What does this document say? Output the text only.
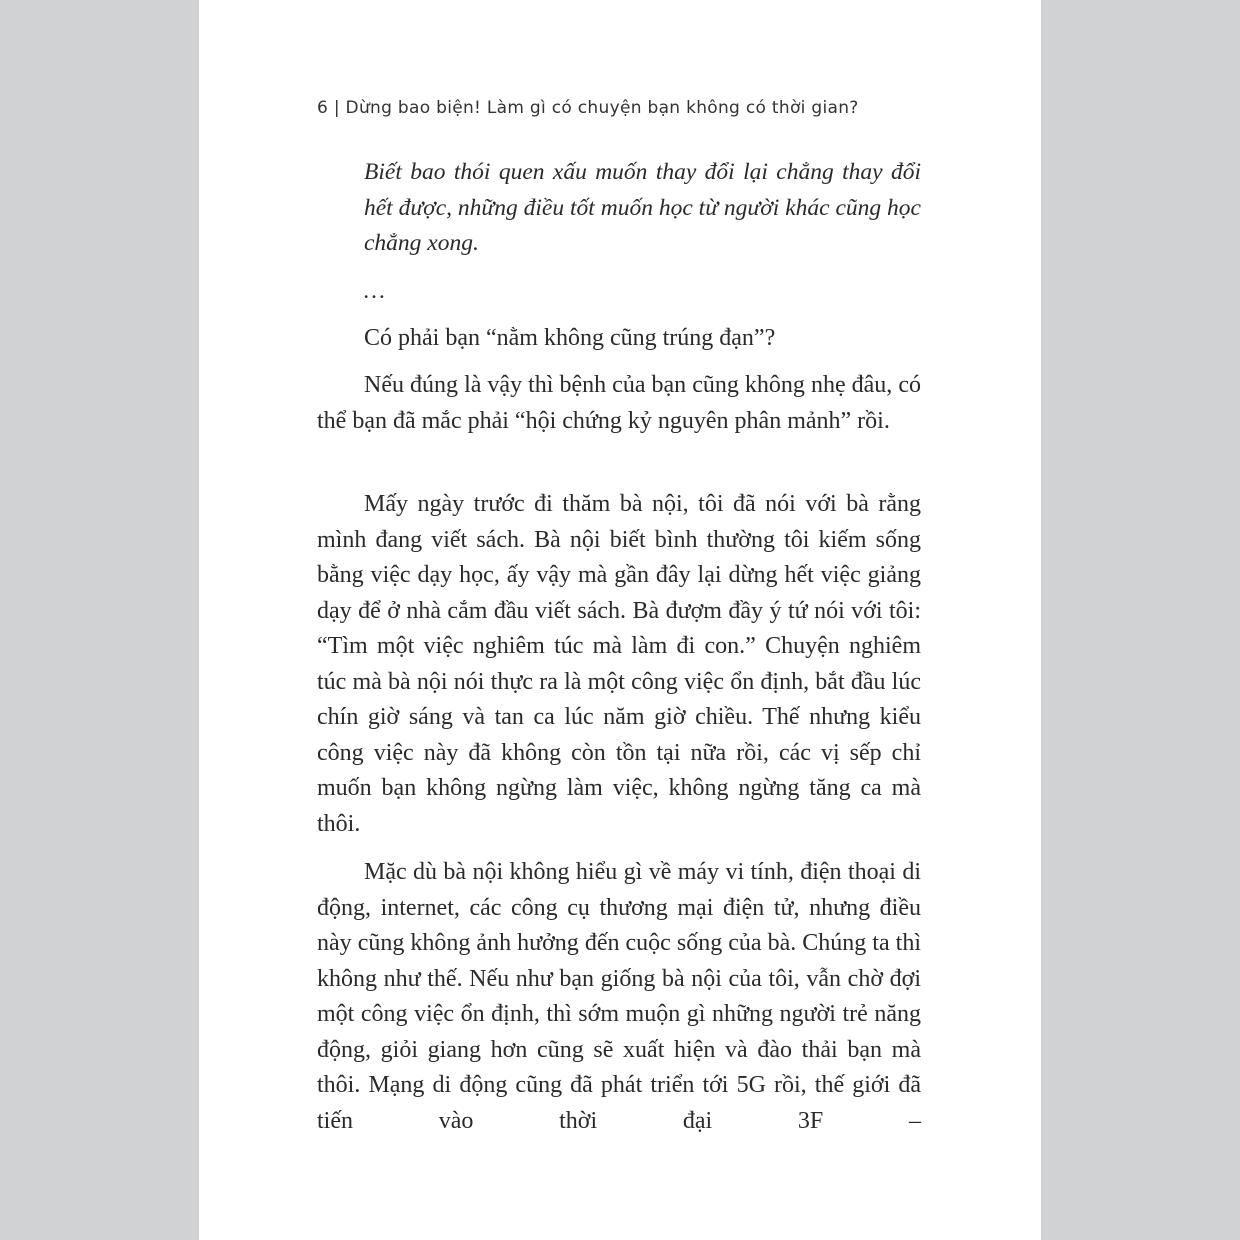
6 | Dừng bao biện! Làm gì có chuyện bạn không có thời gian?
Biết bao thói quen xấu muốn thay đổi lại chẳng thay đổi hết được, những điều tốt muốn học từ người khác cũng học chẳng xong.
…

Có phải bạn “nằm không cũng trúng đạn”?

Nếu đúng là vậy thì bệnh của bạn cũng không nhẹ đâu, có thể bạn đã mắc phải “hội chứng kỷ nguyên phân mảnh” rồi.

Mấy ngày trước đi thăm bà nội, tôi đã nói với bà rằng mình đang viết sách. Bà nội biết bình thường tôi kiếm sống bằng việc dạy học, ấy vậy mà gần đây lại dừng hết việc giảng dạy để ở nhà cắm đầu viết sách. Bà đượm đầy ý tứ nói với tôi: “Tìm một việc nghiêm túc mà làm đi con.” Chuyện nghiêm túc mà bà nội nói thực ra là một công việc ổn định, bắt đầu lúc chín giờ sáng và tan ca lúc năm giờ chiều. Thế nhưng kiểu công việc này đã không còn tồn tại nữa rồi, các vị sếp chỉ muốn bạn không ngừng làm việc, không ngừng tăng ca mà thôi.

Mặc dù bà nội không hiểu gì về máy vi tính, điện thoại di động, internet, các công cụ thương mại điện tử, nhưng điều này cũng không ảnh hưởng đến cuộc sống của bà. Chúng ta thì không như thế. Nếu như bạn giống bà nội của tôi, vẫn chờ đợi một công việc ổn định, thì sớm muộn gì những người trẻ năng động, giỏi giang hơn cũng sẽ xuất hiện và đào thải bạn mà thôi. Mạng di động cũng đã phát triển tới 5G rồi, thế giới đã tiến vào thời đại 3F –
